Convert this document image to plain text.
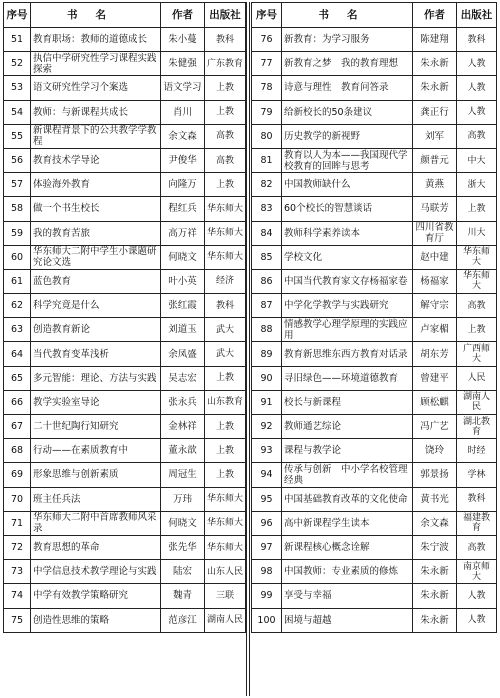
序号	书名	作者	出版社
51	教育职场：教师的道德成长	朱小蔓	教科
52	执信中学研究性学习课程实践探索	朱健强	广东教育
53	语文研究性学习个案选	语文学习	上教
54	教师：与新课程共成长	肖川	上教
55	新课程背景下的公共教学学教程	余文森	高教
56	教育技术学导论	尹俊华	高教
57	体验海外教育	向隆万	上教
58	做一个书生校长	程红兵	华东师大
59	我的教育苦旅	高万祥	华东师大
60	华东师大二附中学生小课题研究论文选	何晓文	华东师大
61	蓝色教育	叶小英	经济
62	科学究竟是什么	张红霞	教科
63	创造教育新论	刘道玉	武大
64	当代教育变革浅析	余凤盛	武大
65	多元智能：理论、方法与实践	吴志宏	上教
66	教学实验室导论	张永兵	山东教育
67	二十世纪陶行知研究	金林祥	上教
68	行动——在素质教育中	董永歆	上教
69	形象思维与创新素质	周冠生	上教
70	班主任兵法	万玮	华东师大
71	华东师大二附中首席教师风采录	何晓文	华东师大
72	教育思想的革命	张先华	华东师大
73	中学信息技术教学理论与实践	陆宏	山东人民
74	中学有效教学策略研究	魏青	三联
75	创造性思维的策略	范彦江	湖南人民
序号	书名	作者	出版社
76	新教育：为学习服务	陈建翔	教科
77	新教育之梦　我的教育理想	朱永新	人教
78	诗意与理性　教育问答录	朱永新	人教
79	给新校长的50条建议	龚正行	人教
80	历史教学的新视野	刘军	高教
81	教育以人为本——我国现代学校教育的回眸与思考	颜普元	中大
82	中国教师缺什么	黄燕	浙大
83	60个校长的智慧谈话	马联芳	上教
84	教师科学素养读本	四川省教育厅	川大
85	学校文化	赵中建	华东师大
86	中国当代教育家文存杨福家卷	杨福家	华东师大
87	中学化学教学与实践研究	解守宗	高教
88	情感教学心理学原理的实践应用	卢家楣	上教
89	教育新思维东西方教育对话录	胡东芳	广西师大
90	寻旧绿色——环境道德教育	曾建平	人民
91	校长与新课程	顾松麒	湖南人民
92	教师通艺综论	冯广艺	湖北教育
93	课程与教学论	饶玲	时经
94	传承与创新　中小学名校管理经典	郭景扬	学林
95	中国基础教育改革的文化使命	黄书光	教科
96	高中新课程学生读本	余文森	福建教育
97	新课程核心概念诠解	朱宁波	高教
98	中国教师：专业素质的修炼	朱永新	南京师大
99	享受与幸福	朱永新	人教
100	困境与超越	朱永新	人教
